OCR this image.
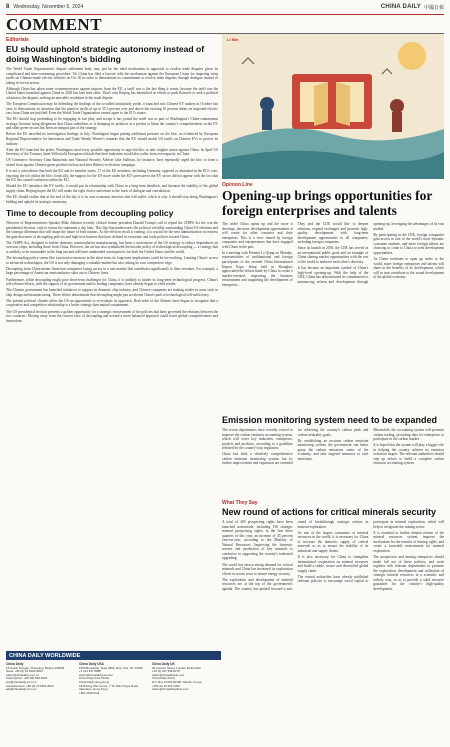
8 Wednesday, November 6, 2024	CHINA DAILY 中國日報
COMMENT
Editorials
EU should uphold strategic autonomy instead of doing Washington's bidding

The World Trade Organization's dispute settlement body may just be the ideal mechanism to approach to resolve trade disputes given its complicated and time-consuming procedure. Yet China has filed a lawsuit with the mechanism against the European Union for imposing steep tariffs on Chinese-made electric vehicles on Oct 30 in order to demonstrate its commitment to resolve trade disputes through dialogue instead of taking tit-for-tat action.

Although China has taken some countermeasures against imports from the EU, a tariff war is the last thing it wants, because the tariff war the United States launched against China in 2018 has hurt both sides. That's why Beijing has intensified its efforts to push Brussels to seek a political solution to the dispute, seeking an amicable resolution to the trade dispute.

The European Commission may be defending the findings of the so-called antisubsidy probe, it launched into Chinese EV makers in October last year, to demonstrate its assertion that the punitive tariffs of up to 35.3 percent over and above the existing 10 percent duties on imported electric cars from China are justified. Even the World Trade Organization cannot agree to the EU's stance.

The EU should stop pretending to be engaging in fair play, and accept it has joined the tariff war as part of Washington's China-containment strategy, because using allegations that China subsidizes or is dumping its products as a pretext to blunt the country's competitiveness in the EV and other green sectors has been an integral part of the strategy.

Before the EU unveiled its investigation findings in July, Washington began putting additional pressure on the bloc, as evidenced by European Regional Representative for Innovation and Trade Wendy Werner's remarks that the EU should match US tariffs on Chinese EVs to protect its industry.

After the EU launched the probe, Washington used every possible opportunity to urge the bloc to take tougher action against China. In April US Secretary of the Treasury Janet Yellen told European officials that their industries would also suffer from overcapacity in China.

US Commerce Secretary Gina Raimondo and National Security Adviser Jake Sullivan, for instance, have repeatedly urged the bloc to form a united front against Chinese green products before and after Biden's re-election campaign.

It is not a coincidence that both the EU and its member states, 17 of the EU members, including Germany, opposed or abstained in the EU's vote, exposing the rift within the bloc. Ironically, the support for the US move under the EU's pressure in the EV sector did not appear with the fact that the EU has caused confusion within the EU.

Should the EU introduce the EV tariffs, it would put its relationship with China in a long-term deadlock, and threaten the stability of the global supply chain. Beijing hopes the EU will make the right choice and return to the track of dialogue and consultation.

The EU should realize that at the end of the day it is its own economic interests that will suffer, which is why it should stop doing Washington's bidding and uphold its strategic autonomy.

Time to decouple from decoupling policy

Whoever of Representatives Speaker Mike Johnson recently clicked former president Donald Trump's call to repeal the CHIPS Act the win the presidential election, only to retract his statement a day later. This flip-flop underscores the political volatility surrounding China-US relations and the strategic dilemmas that will shape the future of both nations. As the election result is coming, it is crucial for the next administration to reassess the gain that more of decoupling policies and high-tech barriers that have defined its economic and trade policies toward China.

The CHIPS Act, designed to bolster domestic semiconductor manufacturing, has been a cornerstone of the US strategy to reduce dependence on overseas chips, including those from China. However, the act has also symbolized the broader policy of technological decoupling — a strategy that is unlikely to be sustainable in the long run and will have unintended consequences for both the United States and the world.

The decoupling policy seems like a protective measure in the short term, its long-term implications could be far-reaching. Limiting China's access to advanced technologies, the US is not only damaging a valuable market but also risking its own competitive edge.

Decoupling from China means American companies losing access to a vast market that contributes significantly to their revenues. For example, a large percentage of American semiconductor sales are to Chinese firms.

Furthermore, while decoupling might pose short-term challenges for China, it is unlikely to hinder its long-term technological progress. China's self-reliance efforts, with the support of its government and its leading companies, have already begun to yield results.

The Chinese government has launched initiatives to support its domestic chip industry, and Chinese companies are making strides in areas such as chip design and manufacturing. These efforts demonstrate that decoupling might just accelerate China's path to technological self-sufficiency.

The present political climate offers the US an opportunity to re-evaluate its approach. Both sides of the Atlantic have begun to recognize that a cooperative and competitive relationship is a better strategy than mutual containment.

The US presidential election presents a golden opportunity for a strategic reassessment of the policies that have governed the relations between the two countries. Moving away from the current view of decoupling and toward a more balanced approach could foster global competitiveness and innovation.

Li Min
Opinion Line
Opening-up brings opportunities for foreign enterprises and talents

The wider China opens up and the more it develops, the more development opportunities it will create for other countries and their enterprises. This is a view shared by foreign companies and entrepreneurs that have engaged with China in the past.

In a meeting with Premier Li Qiang on Monday, representatives of multinational and foreign participants of the seventh China International Import Expo, being held in Shanghai, appreciated the efforts made by China to create a market-oriented, improving the business environment and supporting the development of enterprises.

They and the CIIE would like to deepen relations, expand exchanges and promote high-quality development with long-term development opportunities to all companies, including foreign companies.

Since its launch in 2018, the CIIE has served as an international public good and an example of China sharing market opportunities with the rest of the world to embrace each other's diversity.

It has become an important symbol of China's high-level opening-up. With the help of the CIIE, China has demonstrated its commitment to announcing reform and development through opening-up, leveraging the advantages of its vast market.

By participating in the CIIE, foreign companies gain access to one of the world's most dynamic consumer markets, and more foreign talents are choosing to come to China to seek development opportunities.

As China continues to open up wider to the world, more foreign enterprises and talents will share in the benefits of its development, which will in turn contribute to the sound development of the global economy.

Emission monitoring system need to be expanded

The recent departments have recently vowed to improve the carbon emission accounting system, which will cover key industries, enterprises, projects and products, according to a guideline released by the country's top regulators.

China has built a relatively comprehensive carbon emission monitoring system, but its further improvement and expansion are essential for achieving the country's carbon peak and carbon neutrality goals.

By establishing an accurate carbon emission monitoring system, the government can better grasp the carbon emissions status of the economy, and take targeted measures to curb emissions.

Meanwhile, the accounting system will promote carbon trading, providing data for enterprises to participate in the carbon market.

It is hoped that the system will play a bigger role in helping the country achieve its emission reduction targets. The relevant authorities should step up efforts to build a complete carbon emission accounting system.

What They Say
New round of actions for critical minerals security

A total of 400 prospecting rights have been launched nationwide, including 156 strategic mineral prospecting rights, in the first three quarters of this year, an increase of 45 percent year-on-year, according to the Ministry of Natural Resources. Improving the domestic reserve and production of key minerals is conducive to supporting the country's industrial upgrading.

The world has shown strong demand for critical minerals and China has increased its exploration efforts in recent years to ensure energy security.

The exploration and development of mineral resources are at the top of the government's agenda. The country has pushed forward a new round of breakthrough strategic actions in mineral exploration.

As one of the largest consumers of mineral resources in the world, it is necessary for China to increase the domestic supply of critical minerals so as to ensure the stability of its industrial and supply chains.

It is also necessary for China to strengthen international cooperation on mineral resources and build a stable, secure and diversified global supply chain.

The central authorities have already published relevant policies to encourage social capital to participate in mineral exploration, which will help to invigorate the mining sector.

It is essential to further deepen reform of the mineral resources system, improve the mechanism for the transfer of mining rights, and create a favorable environment for mineral exploration.

The prospectors and mining enterprises should make full use of these policies, and work together with relevant departments to promote the exploration, development and utilization of strategic mineral resources in a scientific and orderly way, so as to provide a solid resource guarantee for the country's high-quality development.

CHINA DAILY WORLDWIDE
China Daily
15 Huixin Dongjie, Chaoyang, Beijing 100029
News: +86 (0) 10 6491-8366
editor@chinadaily.com.cn
Subscription: +86 400-699-0203
sub@chinadaily.com.cn
Advertisement: +86 (0) 10 6491-8631
ads@chinadaily.com.cn
China Daily USA
1500 Broadway, Suite 2800, New York, NY 10036
+1 212 537 8888
editor@chinadailyusa.com
China Daily Asia Pacific
China Daily Hong Kong
1818 Hing Wai Centre, 7 Tin Wan Praya Road, Aberdeen, Hong Kong
+852 2518 5111
China Daily UK
90 Cannon Street, London EC4N 6HA
+44 (0) 207 398 8270
editor@chinadailyuk.com
China Daily Africa
P.O. Box 27281-00100, Nairobi, Kenya
+254 (0) 20 522 2300
editor@chinadailyafrica.com
